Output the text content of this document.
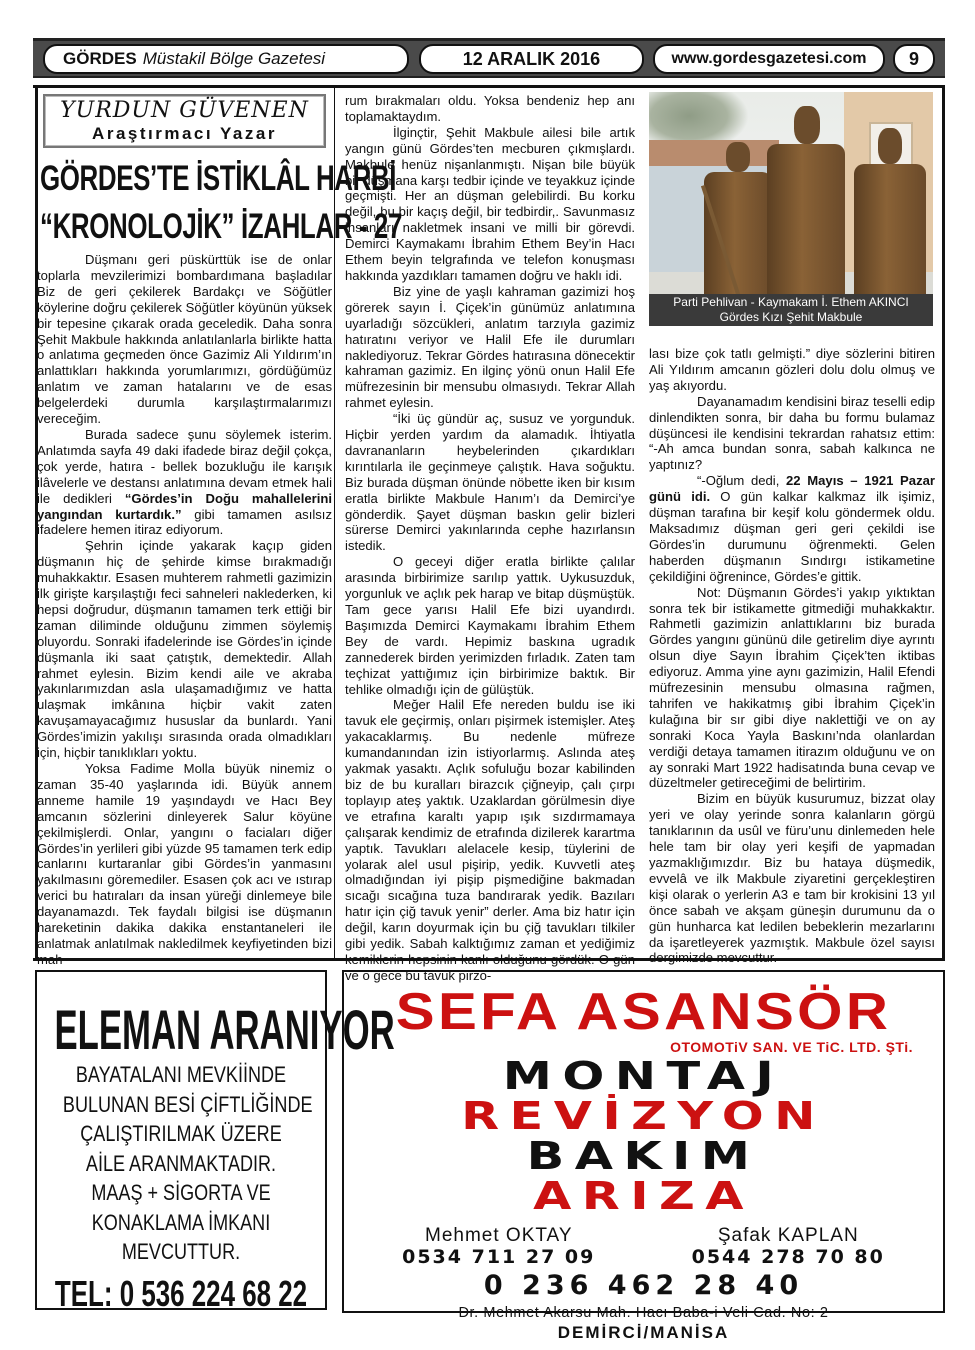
GÖRDES Müstakil Bölge Gazetesi	12 ARALIK 2016	www.gordesgazetesi.com	9
YURDUN GÜVENEN
Araştırmacı Yazar
GÖRDES’TE İSTİKLÂL HARBİ
“KRONOLOJİK” İZAHLAR - 27

Düşmanı geri püskürttük ise de onlar toplarla mevzilerimizi bombardımana başladılar Biz de geri çekilerek Bardakçı ve Söğütler köylerine doğru çekilerek Söğütler köyünün yüksek bir tepesine çıkarak orada geceledik. Daha sonra Şehit Makbule hakkında anlatılanlarla birlikte hatta o anlatıma geçmeden önce Gazimiz Ali Yıldırım’ın anlattıkları hakkında yorumlarımızı, gördüğümüz anlatım ve zaman hatalarını ve de esas belgelerdeki durumla karşılaştırmalarımızı vereceğim.

Burada sadece şunu söylemek isterim. Anlatımda sayfa 49 daki ifadede biraz değil çokça, çok yerde, hatıra - bellek bozukluğu ile karışık ilâvelerle ve destansı anlatımına devam etmek hali ile dedikleri “Gördes’in Doğu mahallelerini yangından kurtardık.” gibi tamamen asılsız ifadelere hemen itiraz ediyorum.

Şehrin içinde yakarak kaçıp giden düşmanın hiç de şehirde kimse bırakmadığı muhakkaktır. Esasen muhterem rahmetli gazimizin ilk girişte karşılaştığı feci sahneleri naklederken, ki hepsi doğrudur, düşmanın tamamen terk ettiği bir zaman diliminde olduğunu zimmen söylemiş oluyordu. Sonraki ifadelerinde ise Gördes’in içinde düşmanla iki saat çatıştık, demektedir. Allah rahmet eylesin. Bizim kendi aile ve akraba yakınlarımızdan asla ulaşamadığımız ve hatta ulaşmak imkânına hiçbir vakit zaten kavuşamayacağımız hususlar da bunlardı. Yani Gördes’imizin yakılışı sırasında orada olmadıkları için, hiçbir tanıklıkları yoktu.

Yoksa Fadime Molla büyük ninemiz o zaman 35-40 yaşlarında idi. Büyük annem anneme hamile 19 yaşındaydı ve Hacı Bey amcanın sözlerini dinleyerek Salur köyüne çekilmişlerdi. Onlar, yangını o faciaları diğer Gördes’in yerlileri gibi yüzde 95 tamamen terk edip canlarını kurtaranlar gibi Gördes’in yanmasını yakılmasını göremediler. Esasen çok acı ve ıstırap verici bu hatıraları da insan yüreği dinlemeye bile dayanamazdı. Tek faydalı bilgisi ise düşmanın hareketinin dakika dakika enstantaneleri ile anlatmak anlatılmak nakledilmek keyfiyetinden bizi mah-

rum bırakmaları oldu. Yoksa bendeniz hep anı toplamaktaydım.

İlginçtir, Şehit Makbule ailesi bile artık yangın günü Gördes’ten mecburen çıkmışlardı. Makbule henüz nişanlanmıştı. Nişan bile büyük bir düşmana karşı tedbir içinde ve teyakkuz içinde geçmişti. Her an düşman gelebilirdi. Bu korku değil, bu bir kaçış değil, bir tedbirdir,. Savunmasız insanları nakletmek insani ve milli bir görevdi. Demirci Kaymakamı İbrahim Ethem Bey’in Hacı Ethem beyin telgrafında ve telefon konuşması hakkında yazdıkları tamamen doğru ve haklı idi.

Biz yine de yaşlı kahraman gazimizi hoş görerek sayın İ. Çiçek’in günümüz anlatımına uyarladığı sözcükleri, anlatım tarzıyla gazimiz hatıratını veriyor ve Halil Efe ile durumları naklediyoruz. Tekrar Gördes hatırasına dönecektir kahraman gazimiz. En ilginç yönü onun Halil Efe müfrezesinin bir mensubu olmasıydı. Tekrar Allah rahmet eylesin.

“İki üç gündür aç, susuz ve yorgunduk. Hiçbir yerden yardım da alamadık. İhtiyatla davrananların heybelerinden çıkardıkları kırıntılarla ile geçinmeye çalıştık. Hava soğuktu. Biz burada düşman önünde nöbette iken bir kısım eratla birlikte Makbule Hanım’ı da Demirci’ye gönderdik. Şayet düşman baskın gelir bizleri sürerse Demirci yakınlarında cephe hazırlansın istedik.

O geceyi diğer eratla birlikte çalılar arasında birbirimize sarılıp yattık. Uykusuzduk, yorgunluk ve açlık pek harap ve bitap düşmüştük. Tam gece yarısı Halil Efe bizi uyandırdı. Başımızda Demirci Kaymakamı İbrahim Ethem Bey de vardı. Hepimiz baskına ugradık zannederek birden yerimizden fırladık. Zaten tam teçhizat yattığımız için birbirimize baktık. Bir tehlike olmadığı için de gülüştük.

Meğer Halil Efe nereden buldu ise iki tavuk ele geçirmiş, onları pişirmek istemişler. Ateş yakacaklarmış. Bu nedenle müfreze kumandanından izin istiyorlarmış. Aslında ateş yakmak yasaktı. Açlık sofuluğu bozar kabilinden biz de bu kuralları birazcık çiğneyip, çalı çırpı toplayıp ateş yaktık. Uzaklardan görülmesin diye ve etrafına karaltı yapıp ışık sızdırmamaya çalışarak kendimiz de etrafında dizilerek karartma yaptık. Tavukları alelacele kesip, tüylerini de yolarak alel usul pişirip, yedik. Kuvvetli ateş olmadığından iyi pişip pişmediğine bakmadan sıcağı sıcağına tuza bandırarak yedik. Bazıları hatır için çiğ tavuk yenir” derler. Ama biz hatır için değil, karın doyurmak için bu çiğ tavukları tilkiler gibi yedik. Sabah kalktığımız zaman et yediğimiz kemiklerin hepsinin kanlı olduğunu gördük. O gün ve o gece bu tavuk pirzo-

Parti Pehlivan - Kaymakam İ. Ethem AKINCI
Gördes Kızı Şehit Makbule

lası bize çok tatlı gelmişti.” diye sözlerini bitiren Ali Yıldırım amcanın gözleri dolu dolu olmuş ve yaş akıyordu.

Dayanamadım kendisini biraz teselli edip dinlendikten sonra, bir daha bu formu bulamaz düşüncesi ile kendisini tekrardan rahatsız ettim: “-Ah amca bundan sonra, sabah kalkınca ne yaptınız?

“-Oğlum dedi, 22 Mayıs – 1921 Pazar günü idi. O gün kalkar kalkmaz ilk işimiz, düşman tarafına bir keşif kolu göndermek oldu. Maksadımız düşman geri geri çekildi ise Gördes’in durumunu öğrenmekti. Gelen haberden düşmanın Sındırgı istikametine çekildiğini öğrenince, Gördes’e gittik.

Not: Düşmanın Gördes’i yakıp yıktıktan sonra tek bir istikamette gitmediği muhakkaktır. Rahmetli gazimizin anlattıklarını biz burada Gördes yangını gününü dile getirelim diye ayrıntı olsun diye Sayın İbrahim Çiçek’ten iktibas ediyoruz. Amma yine aynı gazimizin, Halil Efendi müfrezesinin mensubu olmasına rağmen, tahrifen ve hakikatmış gibi İbrahim Çiçek’in kulağına bir sır gibi diye naklettiği ve on ay sonraki Koca Yayla Baskını’nda olanlardan verdiği detaya tamamen itirazım olduğunu ve on ay sonraki Mart 1922 hadisatında buna cevap ve düzeltmeler getireceğimi de belirtirim.

Bizim en büyük kusurumuz, bizzat olay yeri ve olay yerinde sonra kalanların görgü tanıklarının da usûl ve füru’unu dinlemeden hele hele tam bir olay yeri keşifi de yapmadan yazmaklığımızdır. Biz bu hataya düşmedik, evvelâ ve ilk Makbule ziyaretini gerçekleştiren kişi olarak o yerlerin A3 e tam bir krokisini 13 yıl önce sabah ve akşam güneşin durumunu da o gün hunharca kat ledilen bebeklerin mezarlarını da işaretleyerek yazmıştık. Makbule özel sayısı dergimizde mevcuttur.

ELEMAN ARANIYOR
BAYATALANI MEVKİİNDE
BULUNAN BESİ ÇİFTLİĞİNDE
ÇALIŞTIRILMAK ÜZERE
AİLE ARANMAKTADIR.
MAAŞ + SİGORTA VE
KONAKLAMA İMKANI
MEVCUTTUR.
TEL: 0 536 224 68 22
SEFA ASANSÖR
OTOMOTiV SAN. VE TiC. LTD. ŞTi.
MONTAJ
REVİZYON
BAKIM
ARIZA
Mehmet OKTAY
0534 711 27 09
Şafak KAPLAN
0544 278 70 80
0 236 462 28 40
Dr. Mehmet Akarsu Mah. Hacı Baba-i Veli Cad. No: 2
DEMİRCİ/MANİSA
